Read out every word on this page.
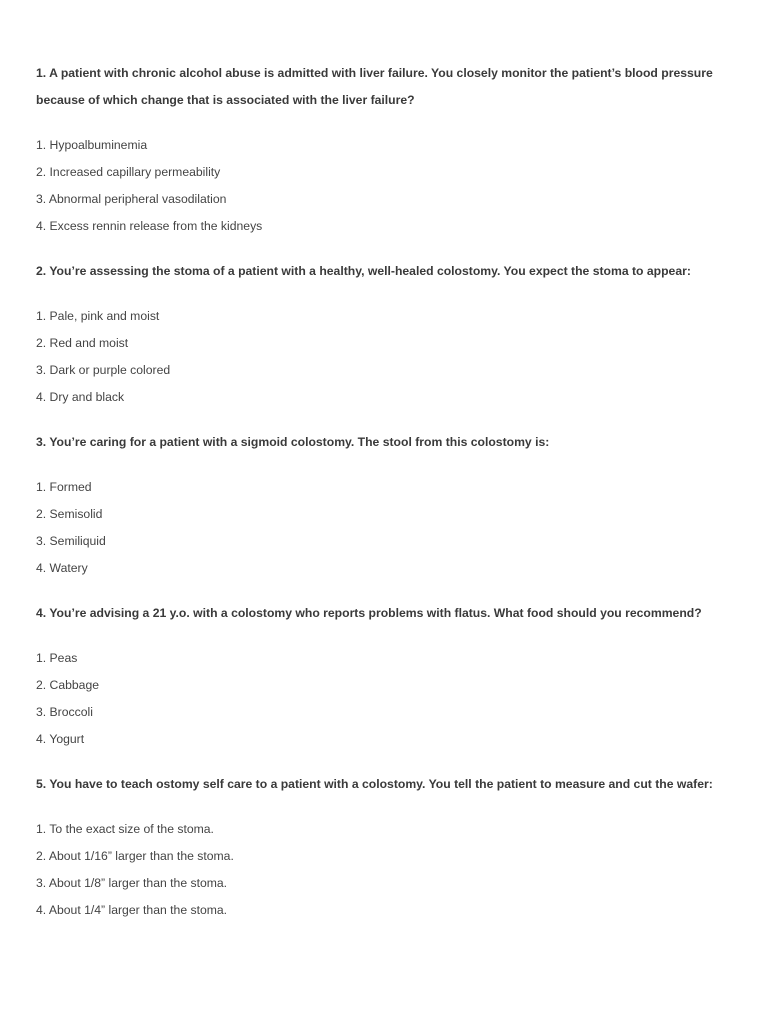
1. A patient with chronic alcohol abuse is admitted with liver failure. You closely monitor the patient’s blood pressure because of which change that is associated with the liver failure?

1. Hypoalbuminemia
2. Increased capillary permeability
3. Abnormal peripheral vasodilation
4. Excess rennin release from the kidneys

2. You’re assessing the stoma of a patient with a healthy, well-healed colostomy. You expect the stoma to appear:

1. Pale, pink and moist
2. Red and moist
3. Dark or purple colored
4. Dry and black

3. You’re caring for a patient with a sigmoid colostomy. The stool from this colostomy is:

1. Formed
2. Semisolid
3. Semiliquid
4. Watery

4. You’re advising a 21 y.o. with a colostomy who reports problems with flatus. What food should you recommend?

1. Peas
2. Cabbage
3. Broccoli
4. Yogurt

5. You have to teach ostomy self care to a patient with a colostomy. You tell the patient to measure and cut the wafer:

1. To the exact size of the stoma.
2. About 1/16” larger than the stoma.
3. About 1/8” larger than the stoma.
4. About 1/4” larger than the stoma.
